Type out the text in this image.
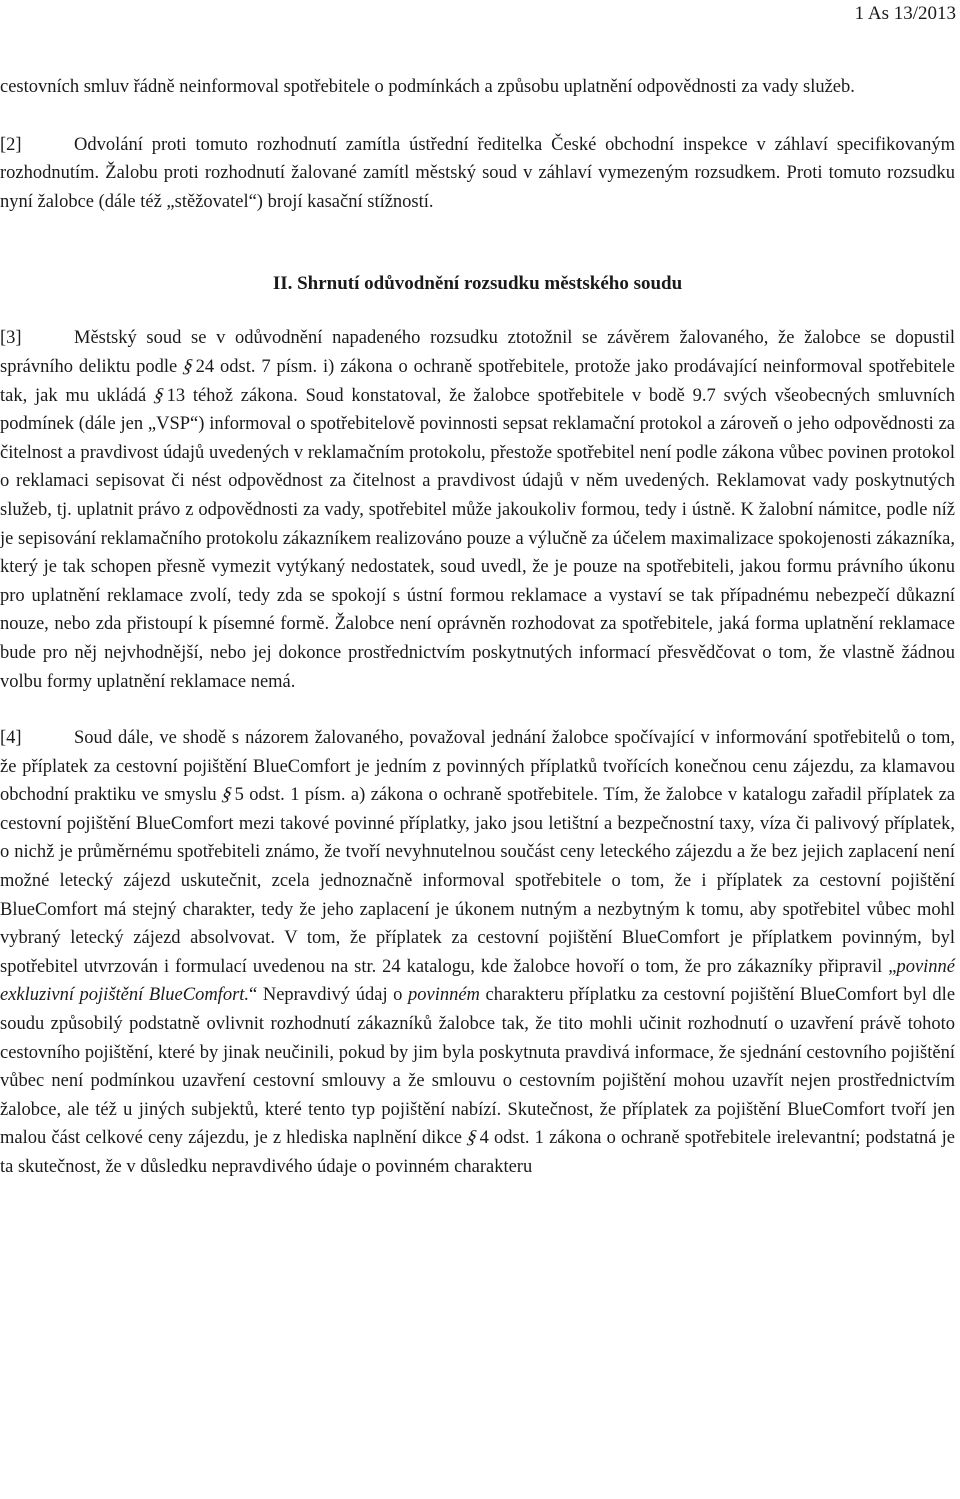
1 As 13/2013

cestovních smluv řádně neinformoval spotřebitele o podmínkách a způsobu uplatnění odpovědnosti za vady služeb.

[2]	Odvolání proti tomuto rozhodnutí zamítla ústřední ředitelka České obchodní inspekce v záhlaví specifikovaným rozhodnutím. Žalobu proti rozhodnutí žalované zamítl městský soud v záhlaví vymezeným rozsudkem. Proti tomuto rozsudku nyní žalobce (dále též „stěžovatel“) brojí kasační stížností.

II. Shrnutí odůvodnění rozsudku městského soudu

[3]	Městský soud se v odůvodnění napadeného rozsudku ztotožnil se závěrem žalovaného, že žalobce se dopustil správního deliktu podle §24 odst. 7 písm. i) zákona o ochraně spotřebitele, protože jako prodávající neinformoval spotřebitele tak, jak mu ukládá §13 téhož zákona. Soud konstatoval, že žalobce spotřebitele v bodě 9.7 svých všeobecných smluvních podmínek (dále jen „VSP“) informoval o spotřebitelově povinnosti sepsat reklamační protokol a zároveň o jeho odpovědnosti za čitelnost a pravdivost údajů uvedených v reklamačním protokolu, přestože spotřebitel není podle zákona vůbec povinen protokol o reklamaci sepisovat či nést odpovědnost za čitelnost a pravdivost údajů v něm uvedených. Reklamovat vady poskytnutých služeb, tj. uplatnit právo z odpovědnosti za vady, spotřebitel může jakoukoliv formou, tedy i ústně. K žalobní námitce, podle níž je sepisování reklamačního protokolu zákazníkem realizováno pouze a výlučně za účelem maximalizace spokojenosti zákazníka, který je tak schopen přesně vymezit vytýkaný nedostatek, soud uvedl, že je pouze na spotřebiteli, jakou formu právního úkonu pro uplatnění reklamace zvolí, tedy zda se spokojí s ústní formou reklamace a vystaví se tak případnému nebezpečí důkazní nouze, nebo zda přistoupí k písemné formě. Žalobce není oprávněn rozhodovat za spotřebitele, jaká forma uplatnění reklamace bude pro něj nejvhodnější, nebo jej dokonce prostřednictvím poskytnutých informací přesvědčovat o tom, že vlastně žádnou volbu formy uplatnění reklamace nemá.

[4]	Soud dále, ve shodě s názorem žalovaného, považoval jednání žalobce spočívající v informování spotřebitelů o tom, že příplatek za cestovní pojištění BlueComfort je jedním z povinných příplatků tvořících konečnou cenu zájezdu, za klamavou obchodní praktiku ve smyslu §5 odst. 1 písm. a) zákona o ochraně spotřebitele. Tím, že žalobce v katalogu zařadil příplatek za cestovní pojištění BlueComfort mezi takové povinné příplatky, jako jsou letištní a bezpečnostní taxy, víza či palivový příplatek, o nichž je průměrnému spotřebiteli známo, že tvoří nevyhnutelnou součást ceny leteckého zájezdu a že bez jejich zaplacení není možné letecký zájezd uskutečnit, zcela jednoznačně informoval spotřebitele o tom, že i příplatek za cestovní pojištění BlueComfort má stejný charakter, tedy že jeho zaplacení je úkonem nutným a nezbytným k tomu, aby spotřebitel vůbec mohl vybraný letecký zájezd absolvovat. V tom, že příplatek za cestovní pojištění BlueComfort je příplatkem povinným, byl spotřebitel utvrzován i formulací uvedenou na str. 24 katalogu, kde žalobce hovoří o tom, že pro zákazníky připravil „povinné exkluzivní pojištění BlueComfort.“ Nepravdivý údaj o povinném charakteru příplatku za cestovní pojištění BlueComfort byl dle soudu způsobilý podstatně ovlivnit rozhodnutí zákazníků žalobce tak, že tito mohli učinit rozhodnutí o uzavření právě tohoto cestovního pojištění, které by jinak neučinili, pokud by jim byla poskytnuta pravdivá informace, že sjednání cestovního pojištění vůbec není podmínkou uzavření cestovní smlouvy a že smlouvu o cestovním pojištění mohou uzavřít nejen prostřednictvím žalobce, ale též u jiných subjektů, které tento typ pojištění nabízí. Skutečnost, že příplatek za pojištění BlueComfort tvoří jen malou část celkové ceny zájezdu, je z hlediska naplnění dikce §4 odst. 1 zákona o ochraně spotřebitele irelevantní; podstatná je ta skutečnost, že v důsledku nepravdivého údaje o povinném charakteru
